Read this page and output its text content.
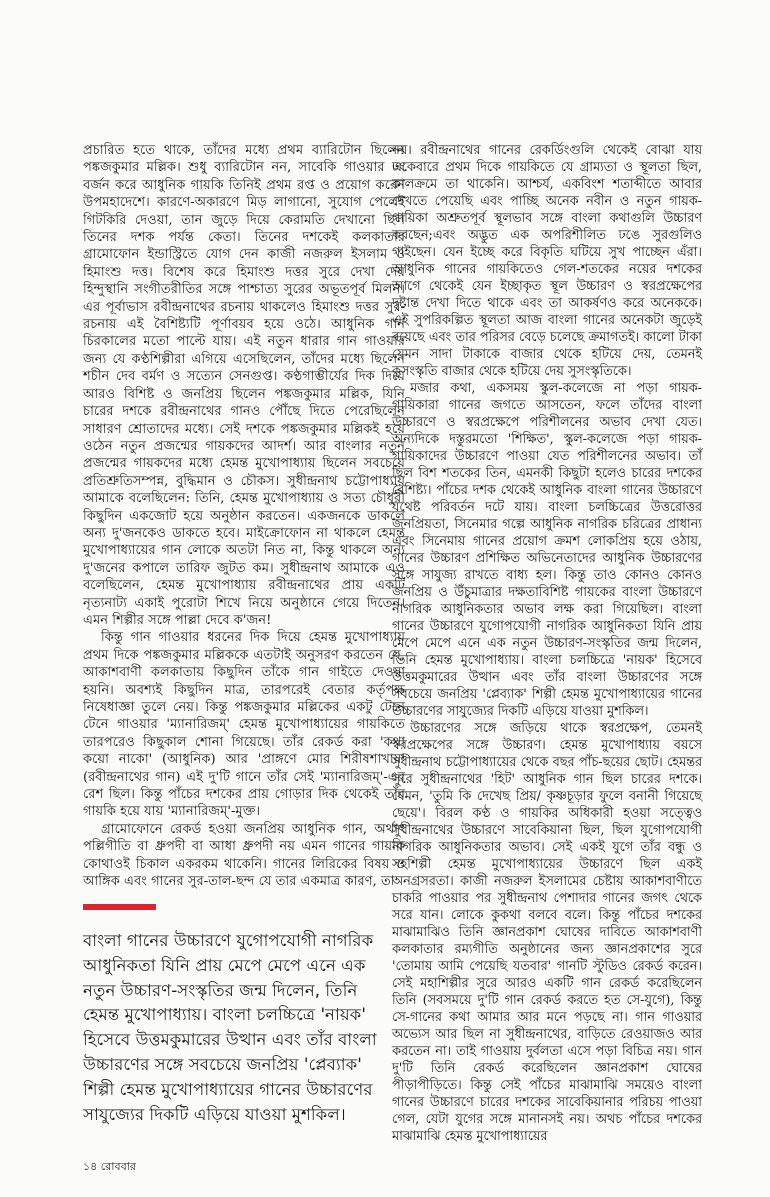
প্রচারিত হতে থাকে, তাঁদের মধ্যে প্রথম ব্যারিটোন ছিলেন পঙ্কজকুমার মল্লিক। শুধু ব্যারিটোন নন, সাবেকি গাওয়ার ঢং বর্জন করে আধুনিক গায়কি তিনিই প্রথম রপ্ত ও প্রয়োগ করেন উপমহাদেশে। কারণে-অকারণে মিড় লাগানো, সুযোগ পেলেই গিটকিরি দেওয়া, তান জুড়ে দিয়ে কেরামতি দেখানো ছিল তিনের দশক পর্যন্ত কেতা। তিনের দশকেই কলকাতার গ্রামোফোন ইন্ডাস্ট্রিতে যোগ দেন কাজী নজরুল ইসলাম ও হিমাংশু দত্ত। বিশেষ করে হিমাংশু দত্তর সুরে দেখা দেয় হিন্দুস্থানি সংগীতরীতির সঙ্গে পাশ্চাত্য সুরের অভূতপূর্ব মিলন। এর পূর্বাভাস রবীন্দ্রনাথের রচনায় থাকলেও হিমাংশু দত্তর সুর-রচনায় এই বৈশিষ্ট্যটি পূর্ণাবয়ব হয়ে ওঠে। আধুনিক গান চিরকালের মতো পাল্টে যায়। এই নতুন ধারার গান গাওয়ার জন্য যে কণ্ঠশিল্পীরা এগিয়ে এসেছিলেন, তাঁদের মধ্যে ছিলেন শচীন দেব বর্মণ ও সত্যেন সেনগুপ্ত। কণ্ঠগাম্ভীর্যের দিক দিয়ে আরও বিশিষ্ট ও জনপ্রিয় ছিলেন পঙ্কজকুমার মল্লিক, যিনি চারের দশকে রবীন্দ্রনাথের গানও পৌঁছে দিতে পেরেছিলেন সাধারণ শ্রোতাদের মধ্যে। সেই দশকে পঙ্কজকুমার মল্লিকই হয়ে ওঠেন নতুন প্রজন্মের গায়কদের আদর্শ। আর বাংলার নতুন প্রজন্মের গায়কদের মধ্যে হেমন্ত মুখোপাধ্যায় ছিলেন সবচেয়ে প্রতিশ্রুতিসম্পন্ন, বুদ্ধিমান ও চৌকস। সুধীন্দ্রনাথ চট্টোপাধ্যায় আমাকে বলেছিলেন: তিনি, হেমন্ত মুখোপাধ্যায় ও সত্য চৌধুরী কিছুদিন একজোট হয়ে অনুষ্ঠান করতেন। একজনকে ডাকলে অন্য দু'জনকেও ডাকতে হবে। মাইক্রোফোন না থাকলে হেমন্ত মুখোপাধ্যায়ের গান লোকে অতটা নিত না, কিন্তু থাকলে অন্য দু'জনের কপালে তারিফ জুটত কম। সুধীন্দ্রনাথ আমাকে এও বলেছিলেন, হেমন্ত মুখোপাধ্যায় রবীন্দ্রনাথের প্রায় একটি নৃত্যনাট্য একাই পুরোটা শিখে নিয়ে অনুষ্ঠানে গেয়ে দিতেন। এমন শিল্পীর সঙ্গে পাল্লা দেবে ক'জন!

কিন্তু গান গাওয়ার ধরনের দিক দিয়ে হেমন্ত মুখোপাধ্যায় প্রথম দিকে পঙ্কজকুমার মল্লিককে এতটাই অনুসরণ করতেন যে, আকাশবাণী কলকাতায় কিছুদিন তাঁকে গান গাইতে দেওয়া হয়নি। অবশ্যই কিছুদিন মাত্র, তারপরেই বেতার কর্তৃপক্ষ নিষেধাজ্ঞা তুলে নেয়। কিন্তু পঙ্কজকুমার মল্লিকের একটু টেনে টেনে গাওয়ার 'ম্যানারিজম্' হেমন্ত মুখোপাধ্যায়ের গায়কিতে তারপরেও কিছুকাল শোনা গিয়েছে। তাঁর রেকর্ড করা 'কথা কয়ো নাকো' (আধুনিক) আর 'প্রাঙ্গণে মোর শিরীষশাখায়' (রবীন্দ্রনাথের গান) এই দু'টি গানে তাঁর সেই 'ম্যানারিজম্'-এর রেশ ছিল। কিন্তু পাঁচের দশকের প্রায় গোড়ার দিক থেকেই তাঁর গায়কি হয়ে যায় 'ম্যানারিজম্'-মুক্ত।

গ্রামোফোনে রেকর্ড হওয়া জনপ্রিয় আধুনিক গান, অর্থাৎ পল্লিগীতি বা ধ্রুপদী বা আধা ধ্রুপদী নয় এমন গানের গায়কি কোথাওই চিকাল একরকম থাকেনি। গানের লিরিকের বিষয় ও আঙ্গিক এবং গানের সুর-তাল-ছন্দ যে তার একমাত্র কারণ, তা

নয়। রবীন্দ্রনাথের গানের রেকর্ডিংগুলি থেকেই বোঝা যায় একেবারে প্রথম দিকে গায়কিতে যে গ্রাম্যতা ও স্থূলতা ছিল, কালক্রমে তা থাকেনি। আশ্চর্য, একবিংশ শতাব্দীতে আবার দেখতে পেয়েছি এবং পাচ্ছি অনেক নবীন ও নতুন গায়ক-গায়িকা অশ্রুতপূর্ব স্থূলভাব সঙ্গে বাংলা কথাগুলি উচ্চারণ করছেন;এবং অদ্ভুত এক অপরিশীলিত ঢঙে সুরগুলিও গাইছেন। যেন ইচ্ছে করে বিকৃতি ঘটিয়ে সুখ পাচ্ছেন এঁরা। আধুনিক গানের গায়কিতেও গেল-শতকের নয়ের দশকের আগে থেকেই যেন ইচ্ছাকৃত স্থূল উচ্চারণ ও স্বরপ্রক্ষেপের দৃষ্টান্ত দেখা দিতে থাকে এবং তা আকর্ষণও করে অনেককে। এই সুপরিকল্পিত স্থূলতা আজ বাংলা গানের অনেকটা জুড়েই রয়েছে এবং তার পরিসর বেড়ে চলেছে ক্রমাগতই। কালো টাকা যেমন সাদা টাকাকে বাজার থেকে হটিয়ে দেয়, তেমনই কুসংস্কৃতি বাজার থেকে হটিয়ে দেয় সুসংস্কৃতিকে।

মজার কথা, একসময় স্কুল-কলেজে না পড়া গায়ক-গায়িকারা গানের জগতে আসতেন, ফলে তাঁদের বাংলা উচ্চারণে ও স্বরপ্রক্ষেপে পরিশীলনের অভাব দেখা যেত। অন্যদিকে দস্তুরমতো 'শিক্ষিত', স্কুল-কলেজে পড়া গায়ক-গায়িকাদের উচ্চারণে পাওয়া যেত পরিশীলনের অভাব। তাঁ ছিল বিশ শতকের তিন, এমনকী কিছুটা হলেও চারের দশকের বৈশিষ্ট্য। পাঁচের দশক থেকেই আধুনিক বাংলা গানের উচ্চারণে যথেষ্ট পরিবর্তন দটে যায়। বাংলা চলচ্চিত্রের উত্তরোত্তর জনপ্রিয়তা, সিনেমার গল্পে আধুনিক নাগরিক চরিত্রের প্রাধান্য এবং সিনেমায় গানের প্রয়োগ ক্রমশ লোকপ্রিয় হয়ে ওঠায়, গানের উচ্চারণ প্রশিক্ষিত অভিনেতাদের আধুনিক উচ্চারণের সঙ্গে সাযুজ্য রাখতে বাধ্য হল। কিন্তু তাও কোনও কোনও জনপ্রিয় ও উঁচুমাত্রার দক্ষতাবিশিষ্ট গায়কের বাংলা উচ্চারণে নাগরিক আধুনিকতার অভাব লক্ষ করা গিয়েছিল। বাংলা গানের উচ্চারণে যুগোপযোগী নাগরিক আধুনিকতা যিনি প্রায় মেপে মেপে এনে এক নতুন উচ্চারণ-সংস্কৃতির জন্ম দিলেন, তিনি হেমন্ত মুখোপাধ্যায়। বাংলা চলচ্চিত্রে 'নায়ক' হিসেবে উত্তমকুমারের উত্থান এবং তাঁর বাংলা উচ্চারণের সঙ্গে সবচেয়ে জনপ্রিয় 'প্লেব্যাক' শিল্পী হেমন্ত মুখোপাধ্যায়ের গানের উচ্চারণের সাযুজ্যের দিকটি এড়িয়ে যাওয়া মুশকিল।

উচ্চারণের সঙ্গে জড়িয়ে থাকে স্বরপ্রক্ষেপ, তেমনই স্বরপ্রক্ষেপের সঙ্গে উচ্চারণ। হেমন্ত মুখোপাধ্যায় বয়সে সুধীন্দ্রনাথ চট্টোপাধ্যায়ের থেকে বছর পাঁচ-ছয়ের ছোট। হেমন্তর সুরে সুধীন্দ্রনাথের 'হিট' আধুনিক গান ছিল চারের দশকে। যেমন, 'তুমি কি দেখেছ প্রিয়/ কৃষ্ণচূড়ার ফুলে বনানী গিয়েছে ছেয়ে'। বিরল কণ্ঠ ও গায়কির অধিকারী হওয়া সত্ত্বেও সুধীন্দ্রনাথের উচ্চারণে সাবেকিয়ানা ছিল, ছিল যুগোপযোগী নাগরিক আধুনিকতার অভাব। সেই একই যুগে তাঁর বন্ধু ও সহশিল্পী হেমন্ত মুখোপাধ্যায়ের উচ্চারণে ছিল একই অনগ্রসরতা। কাজী নজরুল ইসলামের চেষ্টায় আকাশবাণীতে চাকরি পাওয়ার পর সুধীন্দ্রনাথ পেশাদার গানের জগৎ থেকে সরে যান। লোকে কুকথা বলবে বলে। কিন্তু পাঁচের দশকের মাঝামাঝিও তিনি জ্ঞানপ্রকাশ ঘোষের দাবিতে আকাশবাণী কলকাতার রম্যগীতি অনুষ্ঠানের জন্য জ্ঞানপ্রকাশের সুরে 'তোমায় আমি পেয়েছি যতবার' গানটি স্টুডিও রেকর্ড করেন। সেই মহাশিল্পীর সুরে আরও একটি গান রেকর্ড করেছিলেন তিনি (সবসময়ে দু'টি গান রেকর্ড করতে হত সে-যুগে), কিন্তু সে-গানের কথা আমার আর মনে পড়ছে না। গান গাওয়ার অভ্যেস আর ছিল না সুধীন্দ্রনাথের, বাড়িতে রেওয়াজও আর করতেন না। তাই গাওয়ায় দুর্বলতা এসে পড়া বিচিত্র নয়। গান দু'টি তিনি রেকর্ড করেছিলেন জ্ঞানপ্রকাশ ঘোষের পীড়াপীড়িতে। কিন্তু সেই পাঁচের মাঝামাঝি সময়েও বাংলা গানের উচ্চারণে চারের দশকের সাবেকিয়ানার পরিচয় পাওয়া গেল, যেটা যুগের সঙ্গে মানানসই নয়। অথচ পাঁচের দশকের মাঝামাঝি হেমন্ত মুখোপাধ্যায়ের

বাংলা গানের উচ্চারণে যুগোপযোগী নাগরিক আধুনিকতা যিনি প্রায় মেপে মেপে এনে এক নতুন উচ্চারণ-সংস্কৃতির জন্ম দিলেন, তিনি হেমন্ত মুখোপাধ্যায়। বাংলা চলচ্চিত্রে 'নায়ক' হিসেবে উত্তমকুমারের উত্থান এবং তাঁর বাংলা উচ্চারণের সঙ্গে সবচেয়ে জনপ্রিয় 'প্লেব্যাক' শিল্পী হেমন্ত মুখোপাধ্যায়ের গানের উচ্চারণের সাযুজ্যের দিকটি এড়িয়ে যাওয়া মুশকিল।
১৪ রোববার
